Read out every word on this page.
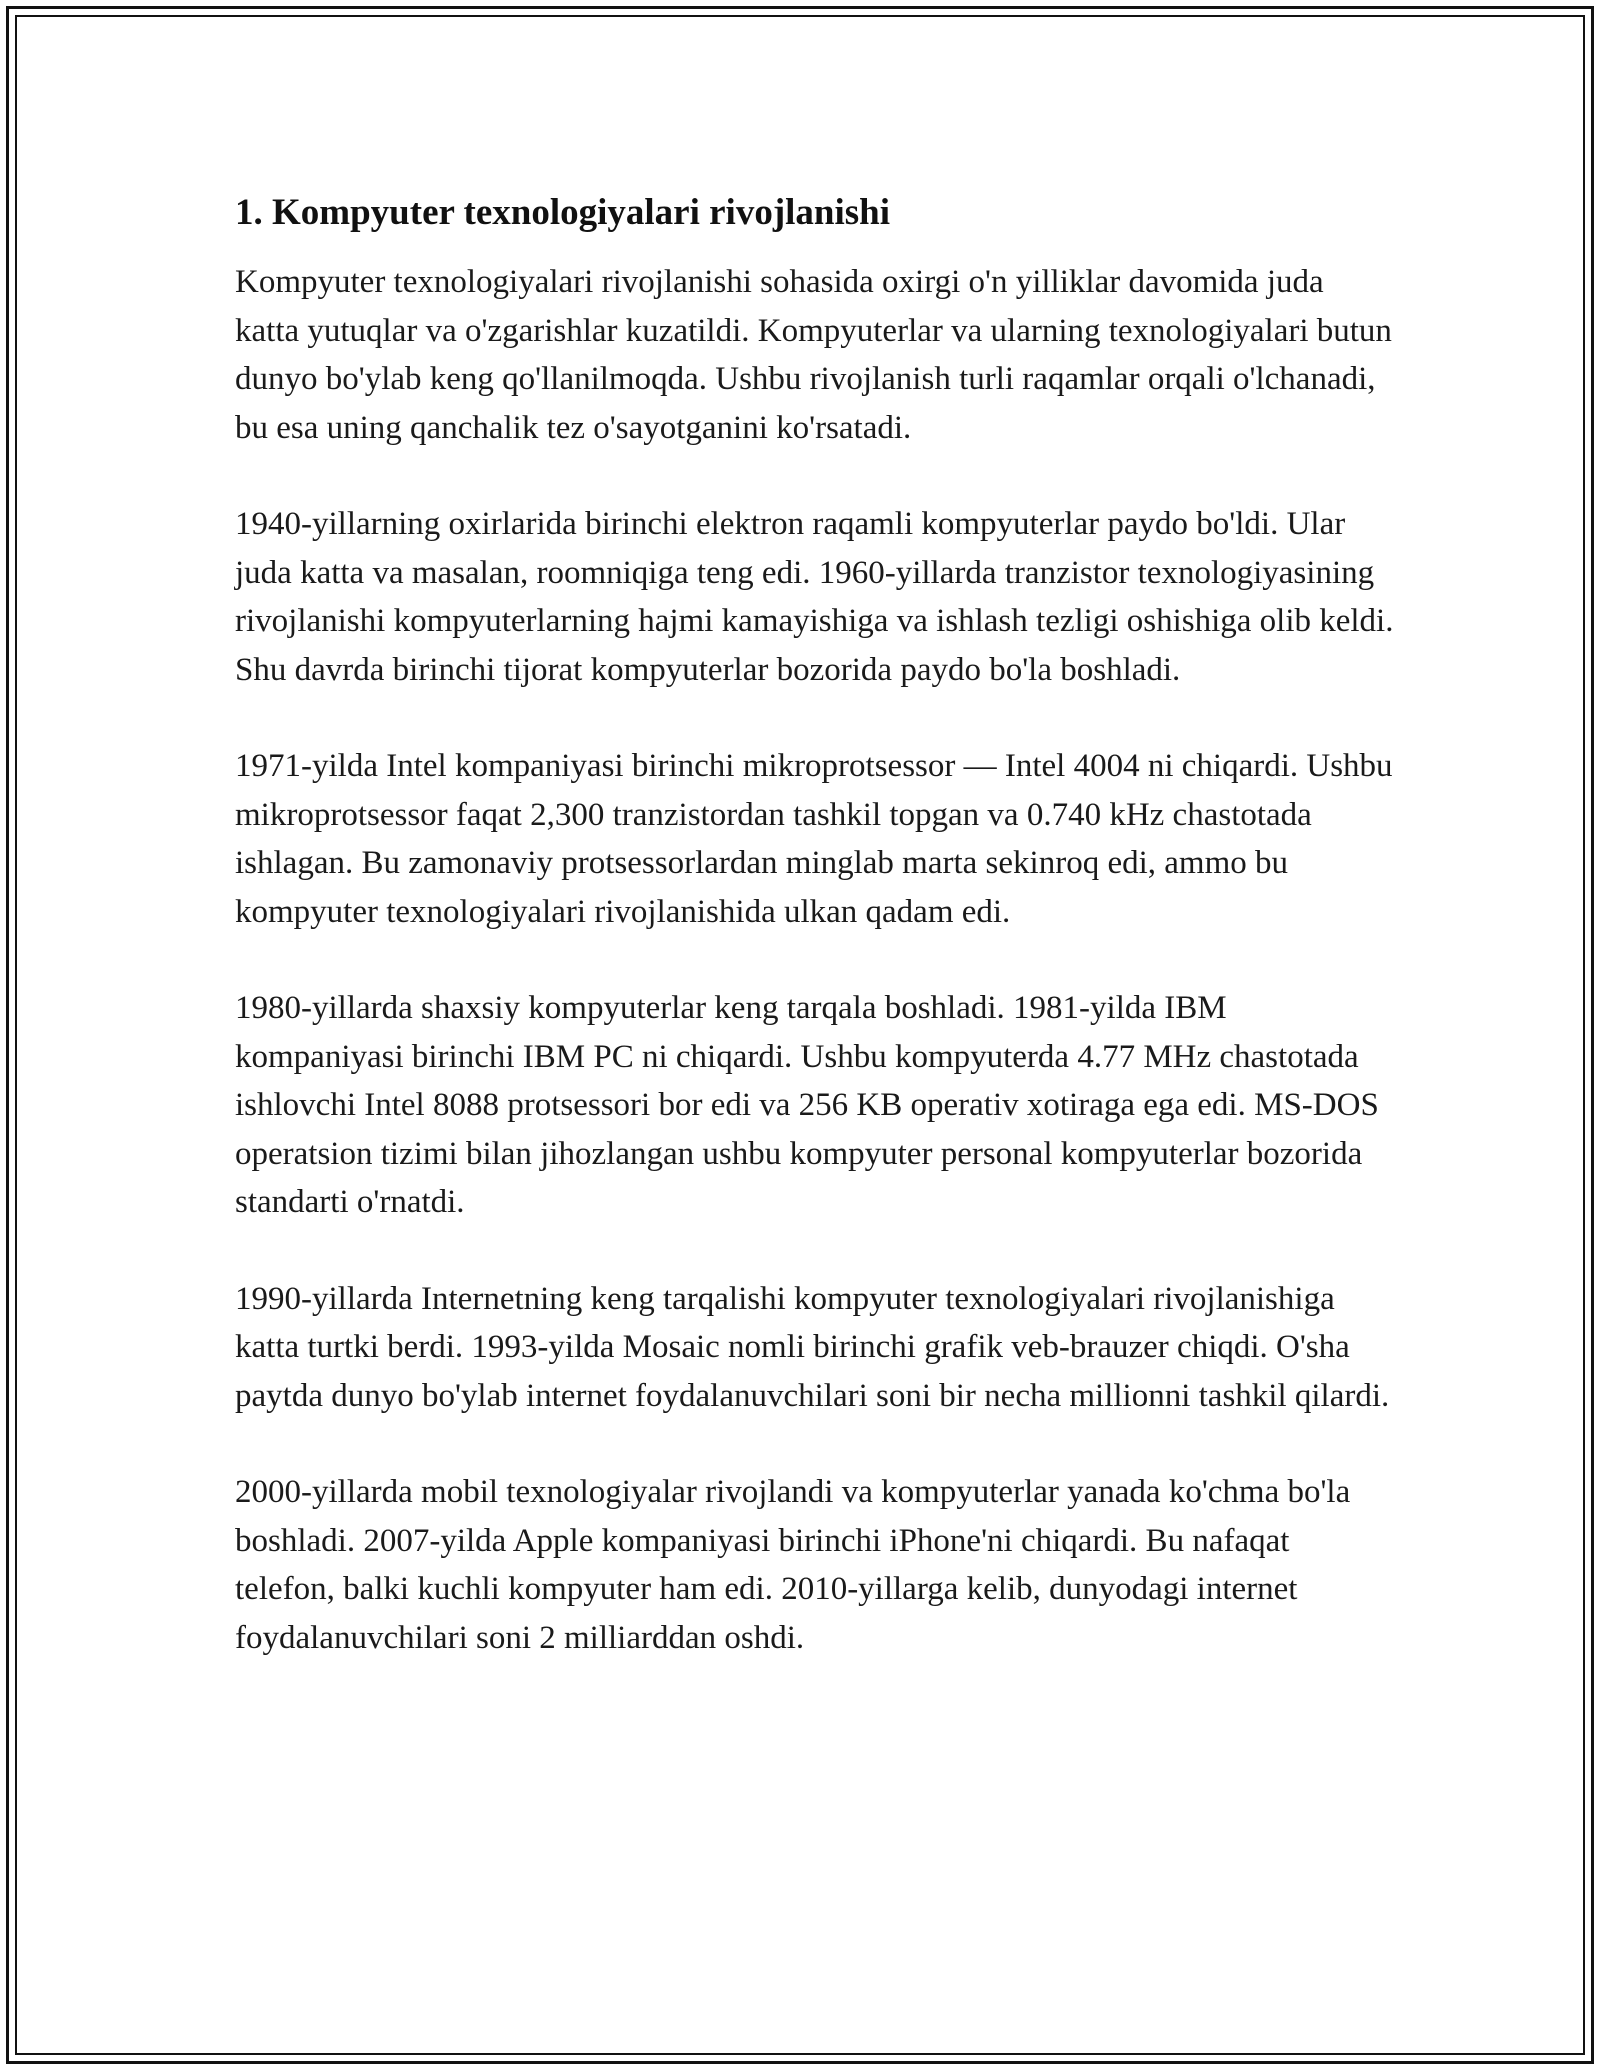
1. Kompyuter texnologiyalari rivojlanishi

Kompyuter texnologiyalari rivojlanishi sohasida oxirgi o'n yilliklar davomida juda katta yutuqlar va o'zgarishlar kuzatildi. Kompyuterlar va ularning texnologiyalari butun dunyo bo'ylab keng qo'llanilmoqda. Ushbu rivojlanish turli raqamlar orqali o'lchanadi, bu esa uning qanchalik tez o'sayotganini ko'rsatadi.

1940-yillarning oxirlarida birinchi elektron raqamli kompyuterlar paydo bo'ldi. Ular juda katta va masalan, roomniqiga teng edi. 1960-yillarda tranzistor texnologiyasining rivojlanishi kompyuterlarning hajmi kamayishiga va ishlash tezligi oshishiga olib keldi. Shu davrda birinchi tijorat kompyuterlar bozorida paydo bo'la boshladi.

1971-yilda Intel kompaniyasi birinchi mikroprotsessor — Intel 4004 ni chiqardi. Ushbu mikroprotsessor faqat 2,300 tranzistordan tashkil topgan va 0.740 kHz chastotada ishlagan. Bu zamonaviy protsessorlardan minglab marta sekinroq edi, ammo bu kompyuter texnologiyalari rivojlanishida ulkan qadam edi.

1980-yillarda shaxsiy kompyuterlar keng tarqala boshladi. 1981-yilda IBM kompaniyasi birinchi IBM PC ni chiqardi. Ushbu kompyuterda 4.77 MHz chastotada ishlovchi Intel 8088 protsessori bor edi va 256 KB operativ xotiraga ega edi. MS-DOS operatsion tizimi bilan jihozlangan ushbu kompyuter personal kompyuterlar bozorida standarti o'rnatdi.

1990-yillarda Internetning keng tarqalishi kompyuter texnologiyalari rivojlanishiga katta turtki berdi. 1993-yilda Mosaic nomli birinchi grafik veb-brauzer chiqdi. O'sha paytda dunyo bo'ylab internet foydalanuvchilari soni bir necha millionni tashkil qilardi.

2000-yillarda mobil texnologiyalar rivojlandi va kompyuterlar yanada ko'chma bo'la boshladi. 2007-yilda Apple kompaniyasi birinchi iPhone'ni chiqardi. Bu nafaqat telefon, balki kuchli kompyuter ham edi. 2010-yillarga kelib, dunyodagi internet foydalanuvchilari soni 2 milliarddan oshdi.
